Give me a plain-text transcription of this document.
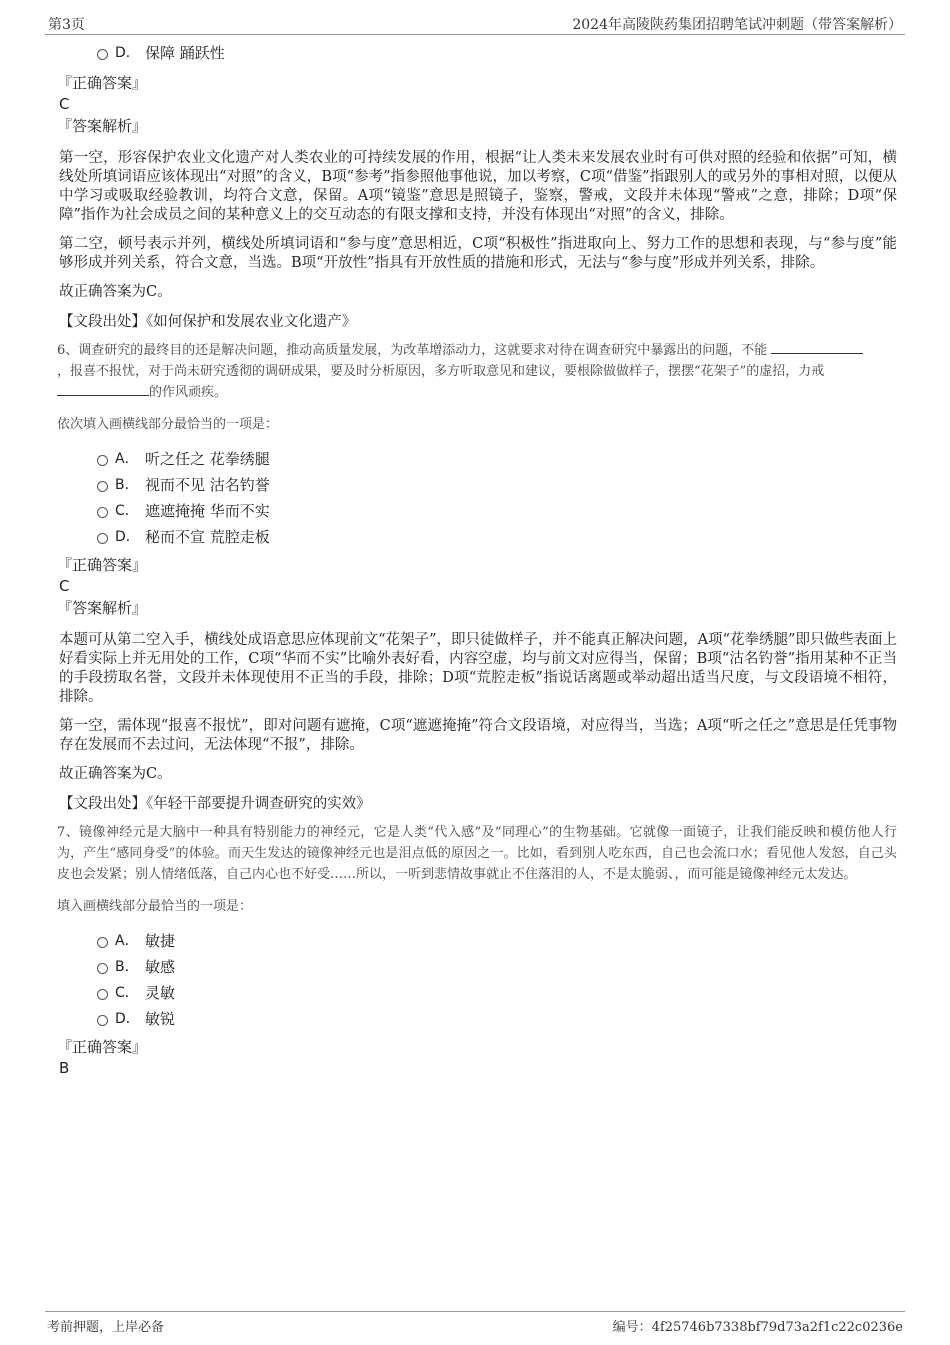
第3页	2024年高陵陕药集团招聘笔试冲刺题（带答案解析）
D． 保障 踊跃性
『正确答案』
C
『答案解析』

第一空，形容保护农业文化遗产对人类农业的可持续发展的作用，根据“让人类未来发展农业时有可供对照的经验和依据”可知，横线处所填词语应该体现出“对照”的含义，B项“参考”指参照他事他说，加以考察，C项“借鉴”指跟别人的或另外的事相对照，以便从中学习或吸取经验教训，均符合文意，保留。A项“镜鉴”意思是照镜子，鉴察，警戒，文段并未体现“警戒”之意，排除；D项“保障”指作为社会成员之间的某种意义上的交互动态的有限支撑和支持，并没有体现出“对照”的含义，排除。

第二空，顿号表示并列，横线处所填词语和“参与度”意思相近，C项“积极性”指进取向上、努力工作的思想和表现，与“参与度”能够形成并列关系，符合文意，当选。B项“开放性”指具有开放性质的措施和形式，无法与“参与度”形成并列关系，排除。

故正确答案为C。

【文段出处】《如何保护和发展农业文化遗产》

6、调查研究的最终目的还是解决问题，推动高质量发展，为改革增添动力，这就要求对待在调查研究中暴露出的问题，不能
，报喜不报忧，对于尚未研究透彻的调研成果，要及时分析原因，多方听取意见和建议，要根除做做样子，摆摆“花架子”的虚招，力戒
的作风顽疾。

依次填入画横线部分最恰当的一项是：
A． 听之任之 花拳绣腿
B． 视而不见 沽名钓誉
C． 遮遮掩掩 华而不实
D． 秘而不宣 荒腔走板
『正确答案』
C
『答案解析』

本题可从第二空入手，横线处成语意思应体现前文“花架子”，即只徒做样子，并不能真正解决问题，A项“花拳绣腿”即只做些表面上好看实际上并无用处的工作，C项“华而不实”比喻外表好看，内容空虚，均与前文对应得当，保留；B项“沽名钓誉”指用某种不正当的手段捞取名誉，文段并未体现使用不正当的手段，排除；D项“荒腔走板”指说话离题或举动超出适当尺度，与文段语境不相符，排除。

第一空，需体现“报喜不报忧”，即对问题有遮掩，C项“遮遮掩掩”符合文段语境，对应得当，当选；A项“听之任之”意思是任凭事物存在发展而不去过问，无法体现“不报”，排除。

故正确答案为C。

【文段出处】《年轻干部要提升调查研究的实效》

7、镜像神经元是大脑中一种具有特别能力的神经元，它是人类“代入感”及“同理心”的生物基础。它就像一面镜子，让我们能反映和模仿他人行为，产生“感同身受”的体验。而天生发达的镜像神经元也是泪点低的原因之一。比如，看到别人吃东西，自己也会流口水；看见他人发怒，自己头皮也会发紧；别人情绪低落，自己内心也不好受……所以，一听到悲情故事就止不住落泪的人，不是太脆弱、，而可能是镜像神经元太发达。

填入画横线部分最恰当的一项是：
A． 敏捷
B． 敏感
C． 灵敏
D． 敏锐
『正确答案』
B
考前押题，上岸必备	编号：4f25746b7338bf79d73a2f1c22c0236e
